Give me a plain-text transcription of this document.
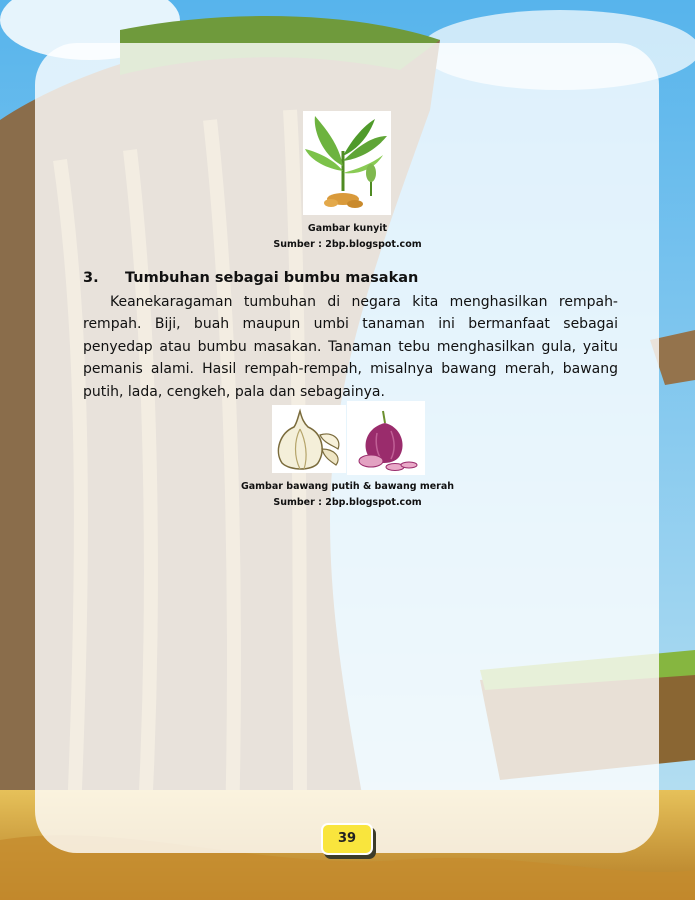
Gambar kunyit
Sumber : 2bp.blogspot.com
3. Tumbuhan sebagai bumbu masakan

Keanekaragaman tumbuhan di negara kita menghasilkan rempah-rempah. Biji, buah maupun umbi tanaman ini bermanfaat sebagai penyedap atau bumbu masakan. Tanaman tebu menghasilkan gula, yaitu pemanis alami. Hasil rempah-rempah, misalnya bawang merah, bawang putih, lada, cengkeh, pala dan sebagainya.

Gambar bawang putih & bawang merah
Sumber : 2bp.blogspot.com
39
